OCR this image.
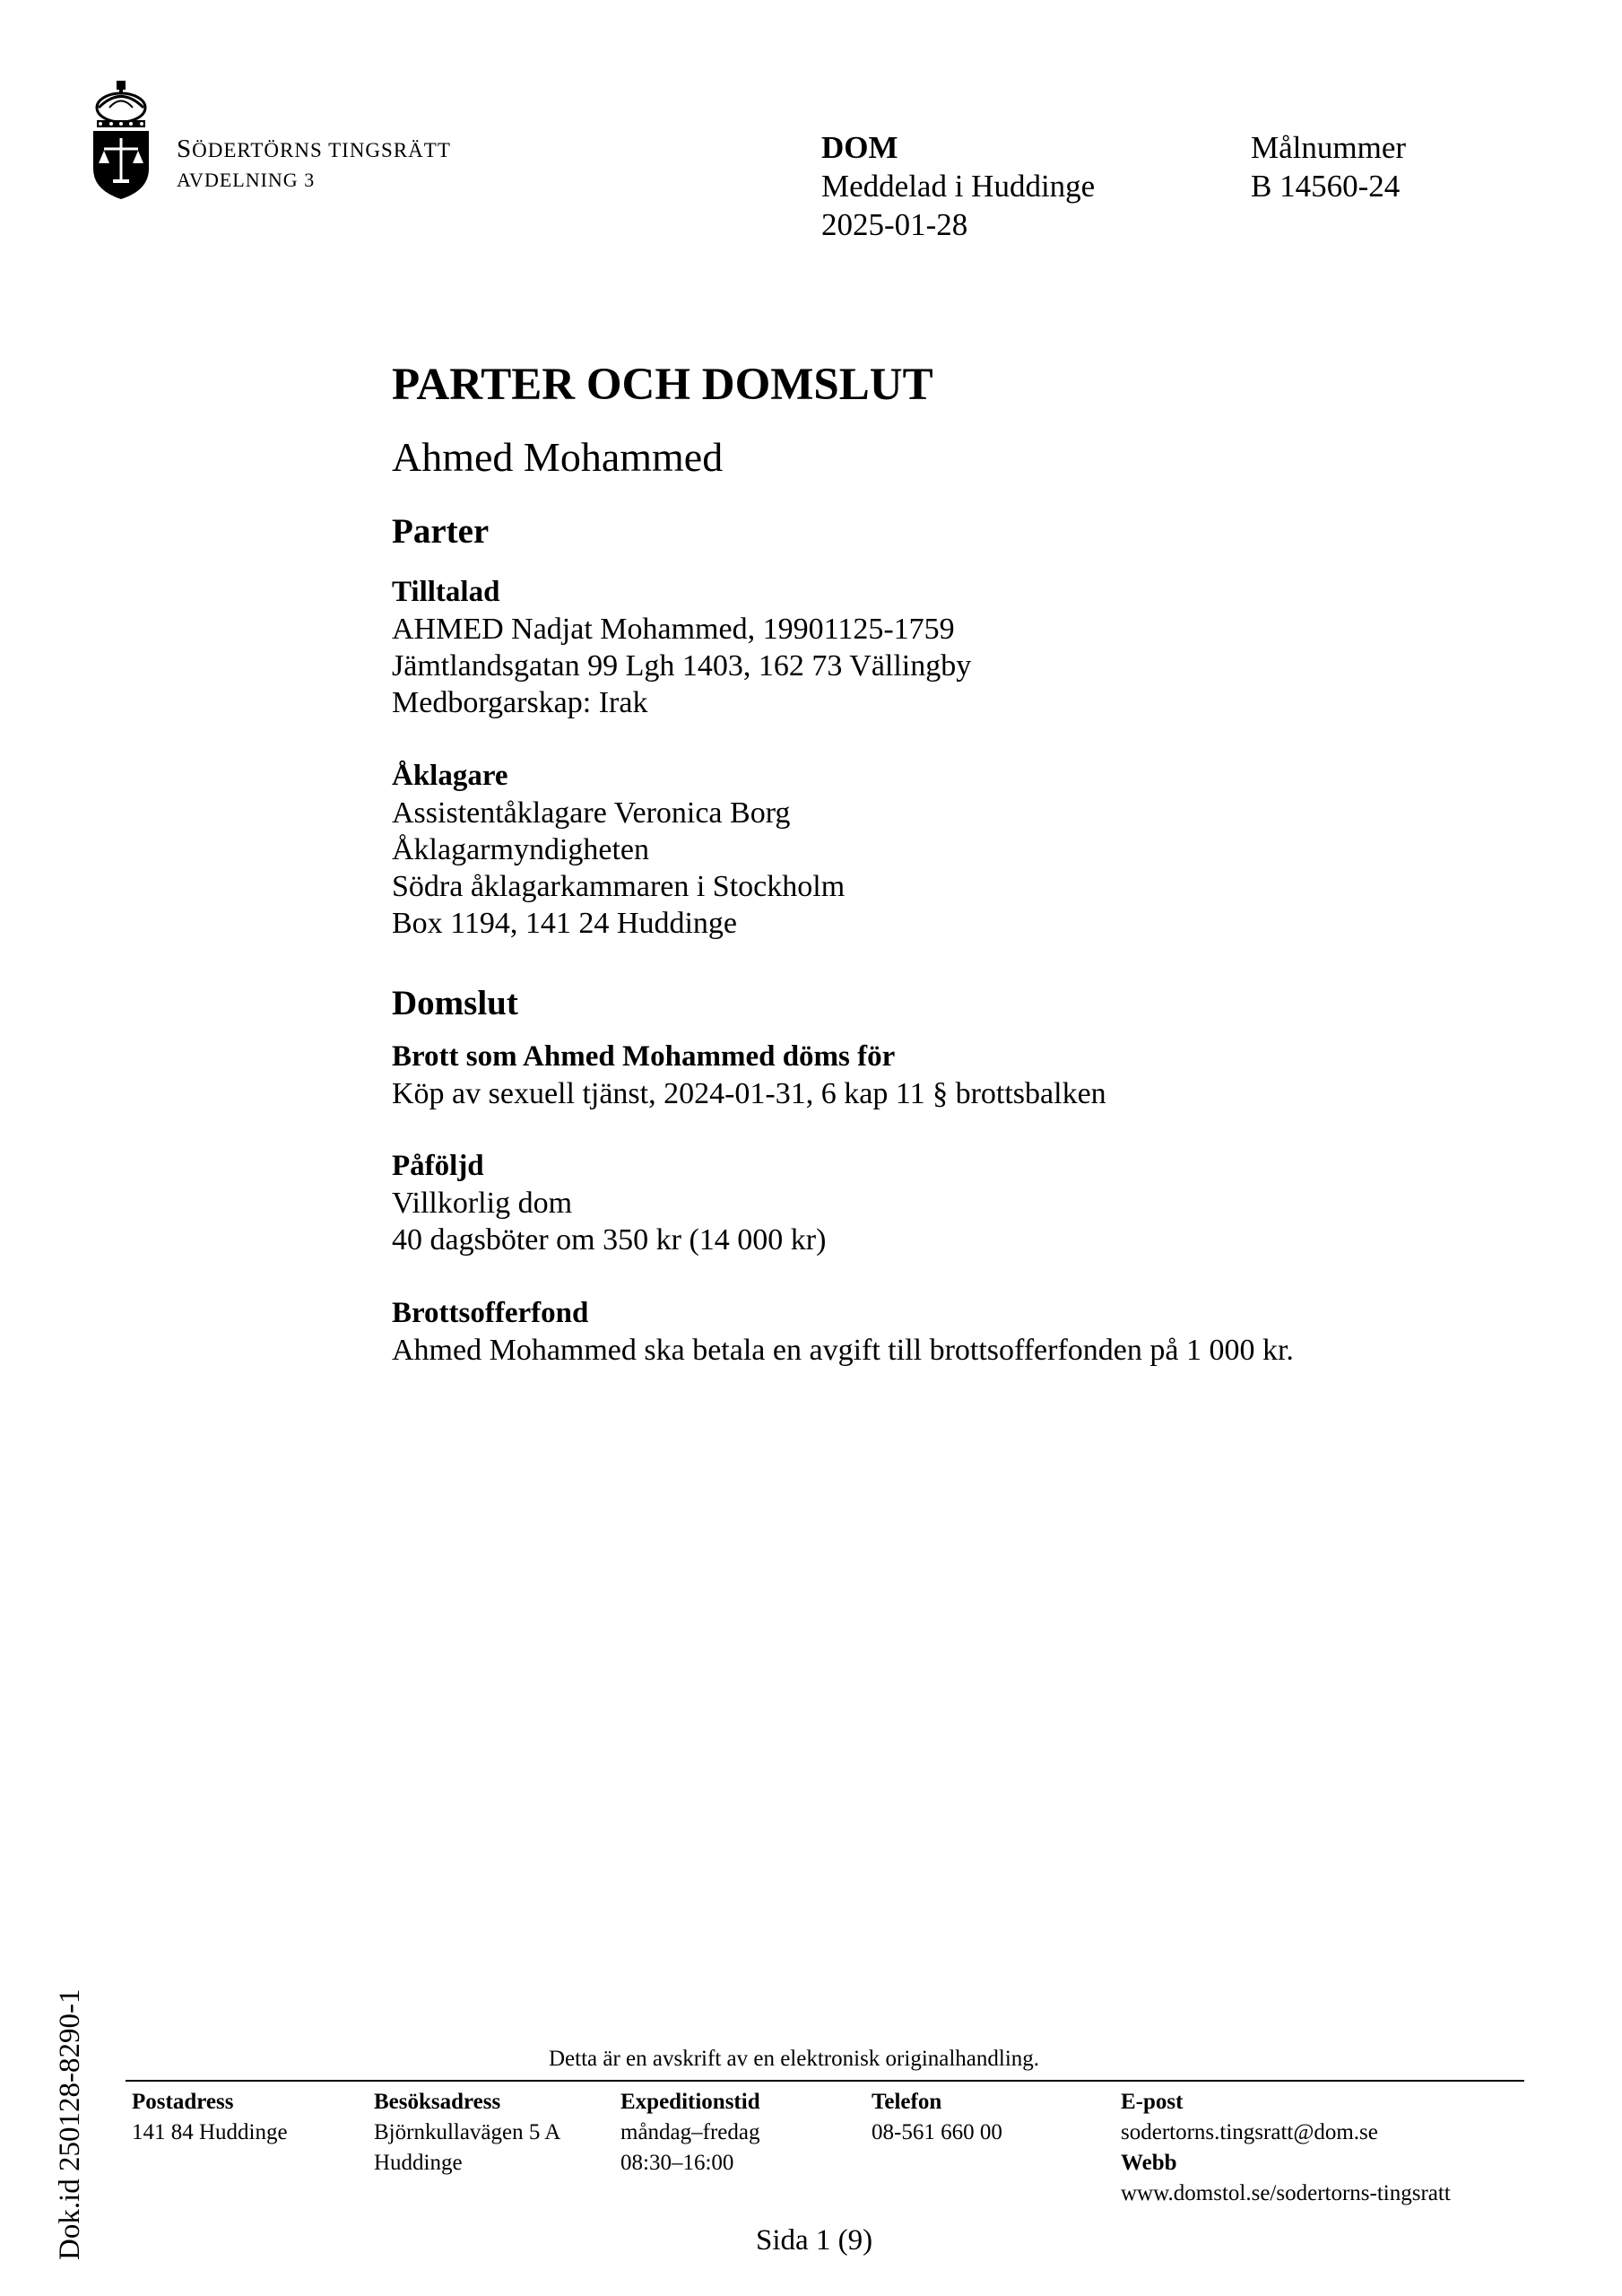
SÖDERTÖRNS TINGSRÄTT
AVDELNING 3
DOM
Meddelad i Huddinge
2025-01-28
Målnummer
B 14560-24
PARTER OCH DOMSLUT
Ahmed Mohammed
Parter
Tilltalad
AHMED Nadjat Mohammed, 19901125-1759
Jämtlandsgatan 99 Lgh 1403, 162 73 Vällingby
Medborgarskap: Irak
Åklagare
Assistentåklagare Veronica Borg
Åklagarmyndigheten
Södra åklagarkammaren i Stockholm
Box 1194, 141 24 Huddinge
Domslut
Brott som Ahmed Mohammed döms för
Köp av sexuell tjänst, 2024-01-31, 6 kap 11 § brottsbalken
Påföljd
Villkorlig dom
40 dagsböter om 350 kr (14 000 kr)
Brottsofferfond
Ahmed Mohammed ska betala en avgift till brottsofferfonden på 1 000 kr.
Dok.id 250128-8290-1	Detta är en avskrift av en elektronisk originalhandling.
Postadress
141 84 Huddinge
Besöksadress
Björnkullavägen 5 A
Huddinge
Expeditionstid
måndag–fredag
08:30–16:00
Telefon
08-561 660 00
E-post
sodertorns.tingsratt@dom.se
Webb
www.domstol.se/sodertorns-tingsratt
Sida 1 (9)
